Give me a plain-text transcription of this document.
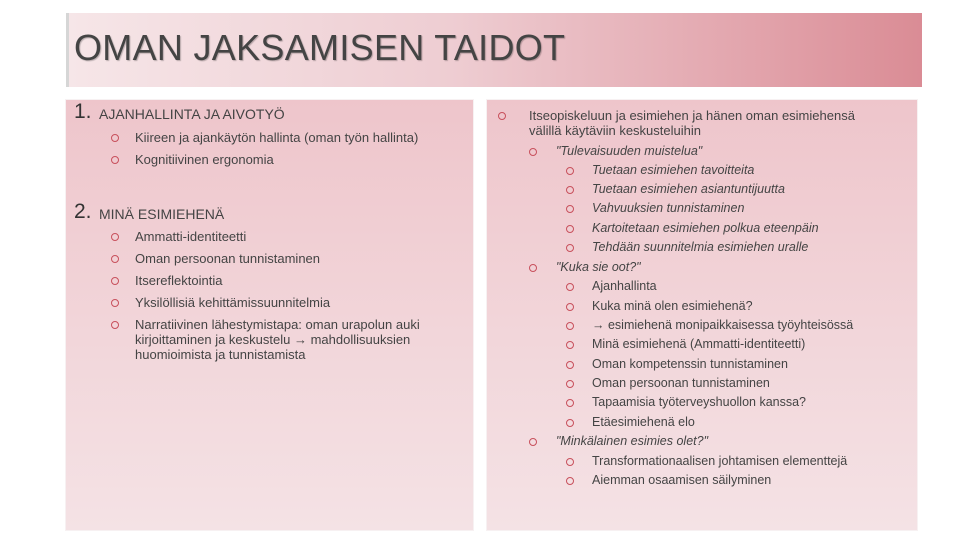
OMAN JAKSAMISEN TAIDOT
1. AJANHALLINTA JA AIVOTYÖ
Kiireen ja ajankäytön hallinta (oman työn hallinta)
Kognitiivinen ergonomia
2. MINÄ ESIMIEHENÄ
Ammatti-identiteetti
Oman persoonan tunnistaminen
Itsereflektointia
Yksilöllisiä kehittämissuunnitelmia
Narratiivinen lähestymistapa: oman urapolun auki kirjoittaminen ja keskustelu → mahdollisuuksien huomioimista ja tunnistamista
Itseopiskeluun ja esimiehen ja hänen oman esimiehensä välillä käytäviin keskusteluihin
"Tulevaisuuden muistelua"
Tuetaan esimiehen tavoitteita
Tuetaan esimiehen asiantuntijuutta
Vahvuuksien tunnistaminen
Kartoitetaan esimiehen polkua eteenpäin
Tehdään suunnitelmia esimiehen uralle
"Kuka sie oot?"
Ajanhallinta
Kuka minä olen esimiehenä?
→ esimiehenä monipaikkaisessa työyhteisössä
Minä esimiehenä (Ammatti-identiteetti)
Oman kompetenssin tunnistaminen
Oman persoonan tunnistaminen
Tapaamisia työterveyshuollon kanssa?
Etäesimiehenä elo
"Minkälainen esimies olet?"
Transformationaalisen johtamisen elementtejä
Aiemman osaamisen säilyminen
